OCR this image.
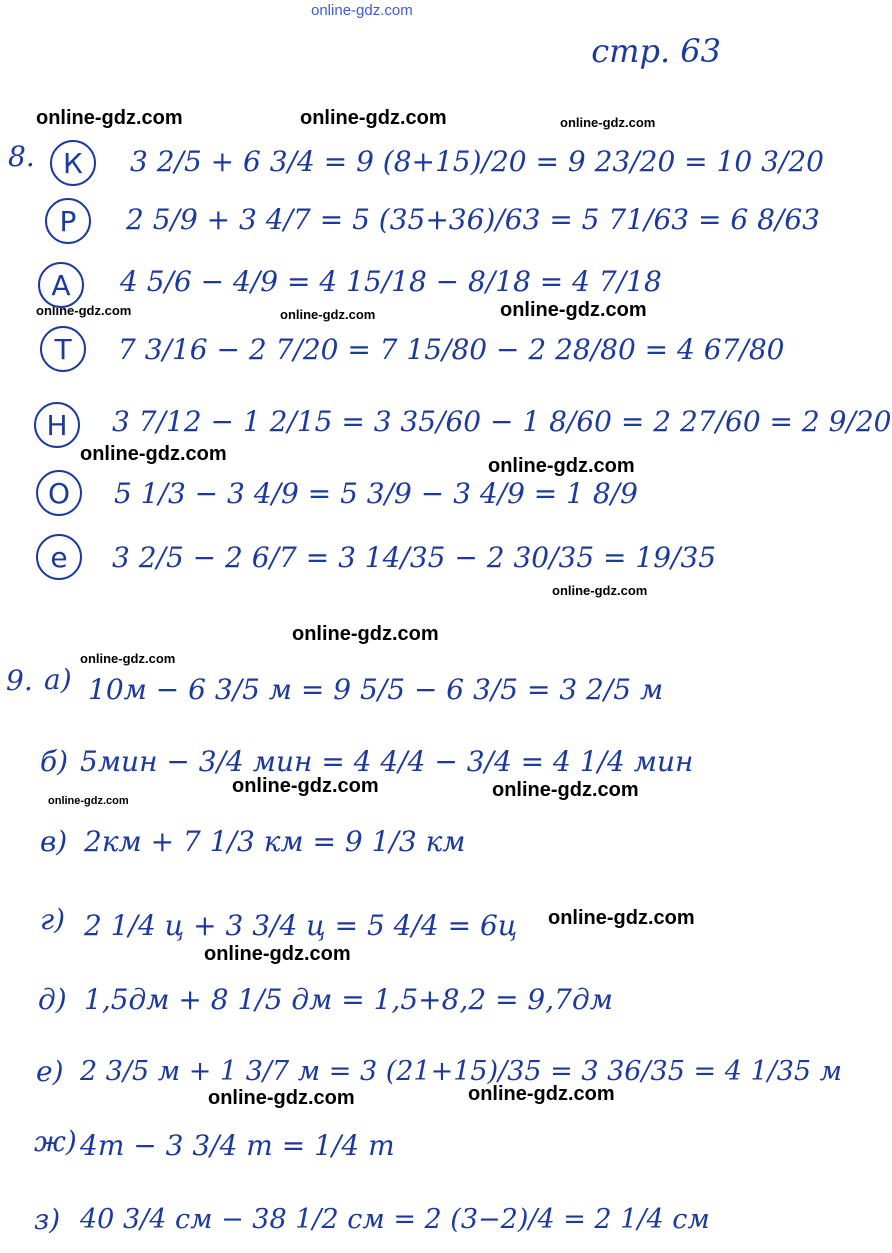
online-gdz.com
стр. 63
online-gdz.com	online-gdz.com	online-gdz.com
online-gdz.com	online-gdz.com	online-gdz.com
online-gdz.com
online-gdz.com
online-gdz.com
online-gdz.com
online-gdz.com
online-gdz.com	online-gdz.com
online-gdz.com
online-gdz.com
online-gdz.com
online-gdz.com	online-gdz.com
8. К 3 2/5 + 6 3/4 = 9 (8+15)/20 = 9 23/20 = 10 3/20
Р 2 5/9 + 3 4/7 = 5 (35+36)/63 = 5 71/63 = 6 8/63
А 4 5/6 − 4/9 = 4 15/18 − 8/18 = 4 7/18
Т 7 3/16 − 2 7/20 = 7 15/80 − 2 28/80 = 4 67/80
Н 3 7/12 − 1 2/15 = 3 35/60 − 1 8/60 = 2 27/60 = 2 9/20
О 5 1/3 − 3 4/9 = 5 3/9 − 3 4/9 = 1 8/9
е 3 2/5 − 2 6/7 = 3 14/35 − 2 30/35 = 19/35
9. а) 10м − 6 3/5 м = 9 5/5 − 6 3/5 = 3 2/5 м
б) 5мин − 3/4 мин = 4 4/4 − 3/4 = 4 1/4 мин
в) 2км + 7 1/3 км = 9 1/3 км
г) 2 1/4 ц + 3 3/4 ц = 5 4/4 = 6ц
д) 1,5дм + 8 1/5 дм = 1,5+8,2 = 9,7дм
е) 2 3/5 м + 1 3/7 м = 3 (21+15)/35 = 3 36/35 = 4 1/35 м
ж) 4т − 3 3/4 т = 1/4 т
з) 40 3/4 см − 38 1/2 см = 2 (3−2)/4 = 2 1/4 см
